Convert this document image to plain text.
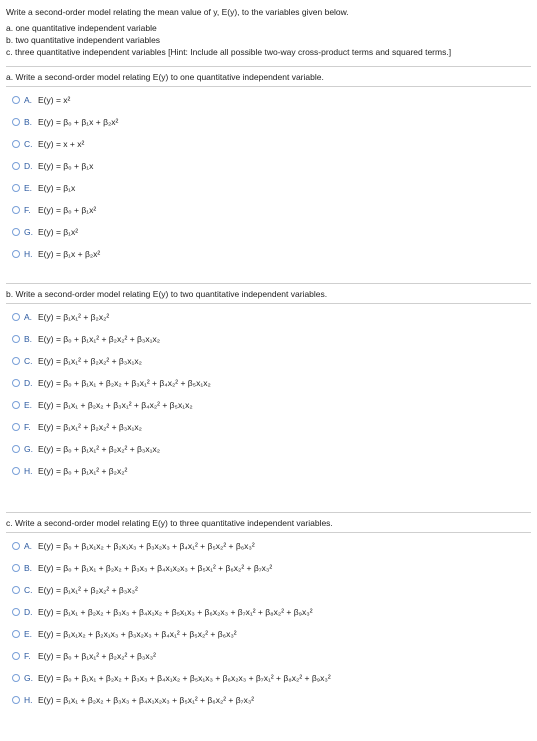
Write a second-order model relating the mean value of y, E(y), to the variables given below.
a. one quantitative independent variable
b. two quantitative independent variables
c. three quantitative independent variables [Hint: Include all possible two-way cross-product terms and squared terms.]
a. Write a second-order model relating E(y) to one quantitative independent variable.
A. E(y) = x²
B. E(y) = β₀ + β₁x + β₂x²
C. E(y) = x + x²
D. E(y) = β₀ + β₁x
E. E(y) = β₁x
F. E(y) = β₀ + β₁x²
G. E(y) = β₁x²
H. E(y) = β₁x + β₂x²
b. Write a second-order model relating E(y) to two quantitative independent variables.
A. E(y) = β₁x₁² + β₂x₂²
B. E(y) = β₀ + β₁x₁² + β₂x₂² + β₃x₁x₂
C. E(y) = β₁x₁² + β₂x₂² + β₃x₁x₂
D. E(y) = β₀ + β₁x₁ + β₂x₂ + β₃x₁² + β₄x₂² + β₅x₁x₂
E. E(y) = β₁x₁ + β₂x₂ + β₃x₁² + β₄x₂² + β₅x₁x₂
F. E(y) = β₁x₁² + β₂x₂² + β₃x₁x₂
G. E(y) = β₀ + β₁x₁² + β₂x₂² + β₃x₁x₂
H. E(y) = β₀ + β₁x₁² + β₂x₂²
c. Write a second-order model relating E(y) to three quantitative independent variables.
A. E(y) = β₀ + β₁x₁x₂ + β₂x₁x₃ + β₃x₂x₃ + β₄x₁² + β₅x₂² + β₆x₃²
B. E(y) = β₀ + β₁x₁ + β₂x₂ + β₃x₃ + β₄x₁x₂x₃ + β₅x₁² + β₆x₂² + β₇x₃²
C. E(y) = β₁x₁² + β₂x₂² + β₃x₃²
D. E(y) = β₁x₁ + β₂x₂ + β₃x₃ + β₄x₁x₂ + β₅x₁x₃ + β₆x₂x₃ + β₇x₁² + β₈x₂² + β₉x₃²
E. E(y) = β₁x₁x₂ + β₂x₁x₃ + β₃x₂x₃ + β₄x₁² + β₅x₂² + β₆x₃²
F. E(y) = β₀ + β₁x₁² + β₂x₂² + β₃x₃²
G. E(y) = β₀ + β₁x₁ + β₂x₂ + β₃x₃ + β₄x₁x₂ + β₅x₁x₃ + β₆x₂x₃ + β₇x₁² + β₈x₂² + β₉x₃²
H. E(y) = β₁x₁ + β₂x₂ + β₃x₃ + β₄x₁x₂x₃ + β₅x₁² + β₆x₂² + β₇x₃²
